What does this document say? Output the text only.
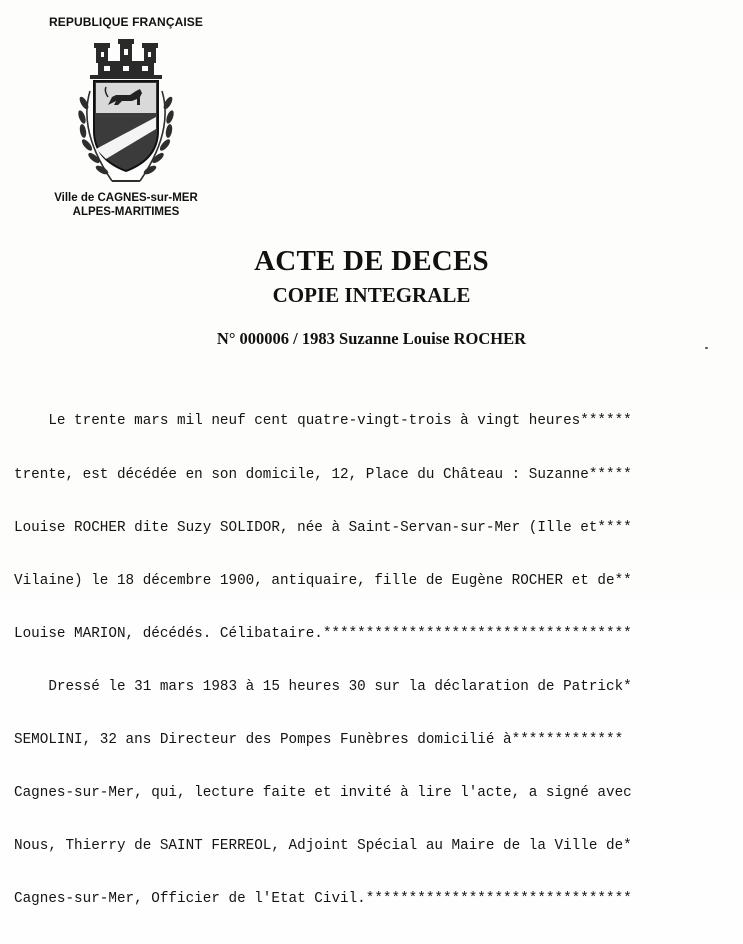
REPUBLIQUE FRANÇAISE
Ville de CAGNES-sur-MER
ALPES-MARITIMES
ACTE DE DECES
COPIE INTEGRALE
N° 000006 / 1983 Suzanne Louise ROCHER

Le trente mars mil neuf cent quatre-vingt-trois à vingt heures******

trente, est décédée en son domicile, 12, Place du Château : Suzanne*****

Louise ROCHER dite Suzy SOLIDOR, née à Saint-Servan-sur-Mer (Ille et****

Vilaine) le 18 décembre 1900, antiquaire, fille de Eugène ROCHER et de**

Louise MARION, décédés. Célibataire.************************************

Dressé le 31 mars 1983 à 15 heures 30 sur la déclaration de Patrick*

SEMOLINI, 32 ans Directeur des Pompes Funèbres domicilié à*************

Cagnes-sur-Mer, qui, lecture faite et invité à lire l'acte, a signé avec

Nous, Thierry de SAINT FERREOL, Adjoint Spécial au Maire de la Ville de*

Cagnes-sur-Mer, Officier de l'Etat Civil.*******************************
